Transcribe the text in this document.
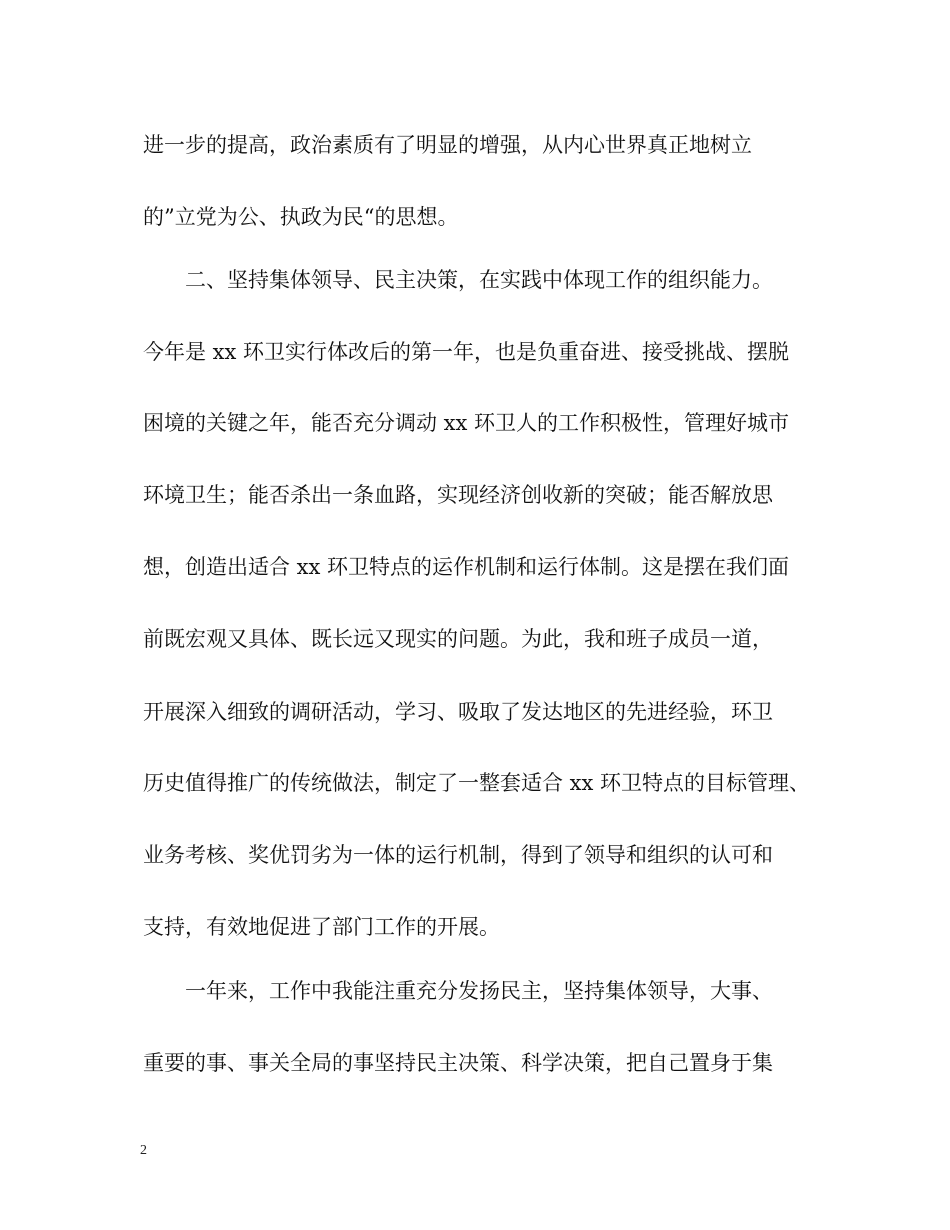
进一步的提高，政治素质有了明显的增强，从内心世界真正地树立
的”立党为公、执政为民“的思想。
　　二、坚持集体领导、民主决策，在实践中体现工作的组织能力。
今年是 xx 环卫实行体改后的第一年，也是负重奋进、接受挑战、摆脱
困境的关键之年，能否充分调动 xx 环卫人的工作积极性，管理好城市
环境卫生；能否杀出一条血路，实现经济创收新的突破；能否解放思
想，创造出适合 xx 环卫特点的运作机制和运行体制。这是摆在我们面
前既宏观又具体、既长远又现实的问题。为此，我和班子成员一道，
开展深入细致的调研活动，学习、吸取了发达地区的先进经验，环卫
历史值得推广的传统做法，制定了一整套适合 xx 环卫特点的目标管理、
业务考核、奖优罚劣为一体的运行机制，得到了领导和组织的认可和
支持，有效地促进了部门工作的开展。
　　一年来，工作中我能注重充分发扬民主，坚持集体领导，大事、
重要的事、事关全局的事坚持民主决策、科学决策，把自己置身于集
2
